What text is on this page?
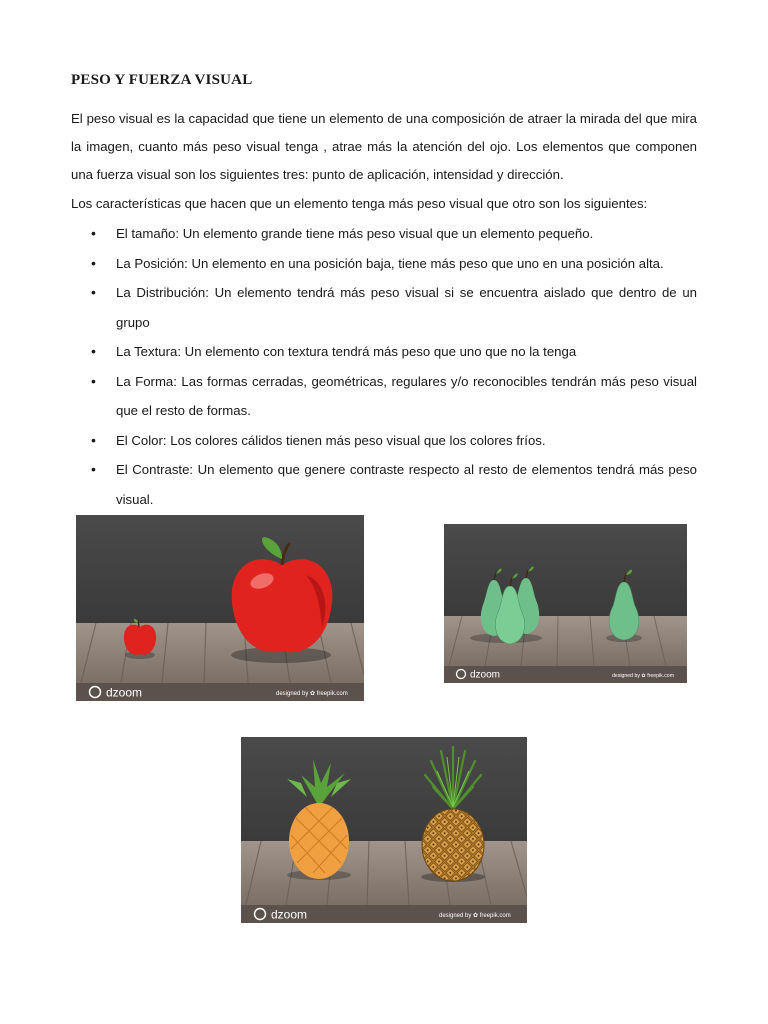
PESO Y FUERZA VISUAL
El peso visual es la capacidad que tiene un elemento de una composición de atraer la mirada del que mira la imagen, cuanto más peso visual tenga , atrae más la atención del ojo. Los elementos que componen una fuerza visual son los siguientes tres: punto de aplicación, intensidad y dirección.
Los características que hacen que un elemento tenga más peso visual que otro son los siguientes:
• El tamaño: Un elemento grande tiene más peso visual que un elemento pequeño.
• La Posición: Un elemento en una posición baja, tiene más peso que uno en una posición alta.
• La Distribución: Un elemento tendrá más peso visual si se encuentra aislado que dentro de un grupo
• La Textura: Un elemento con textura tendrá más peso que uno que no la tenga
• La Forma: Las formas cerradas, geométricas, regulares y/o reconocibles tendrán más peso visual que el resto de formas.
• El Color: Los colores cálidos tienen más peso visual que los colores fríos.
• El Contraste: Un elemento que genere contraste respecto al resto de elementos tendrá más peso visual.
dzoom	designed by ✿ freepik.com
dzoom	designed by ✿ freepik.com
dzoom	designed by ✿ freepik.com
